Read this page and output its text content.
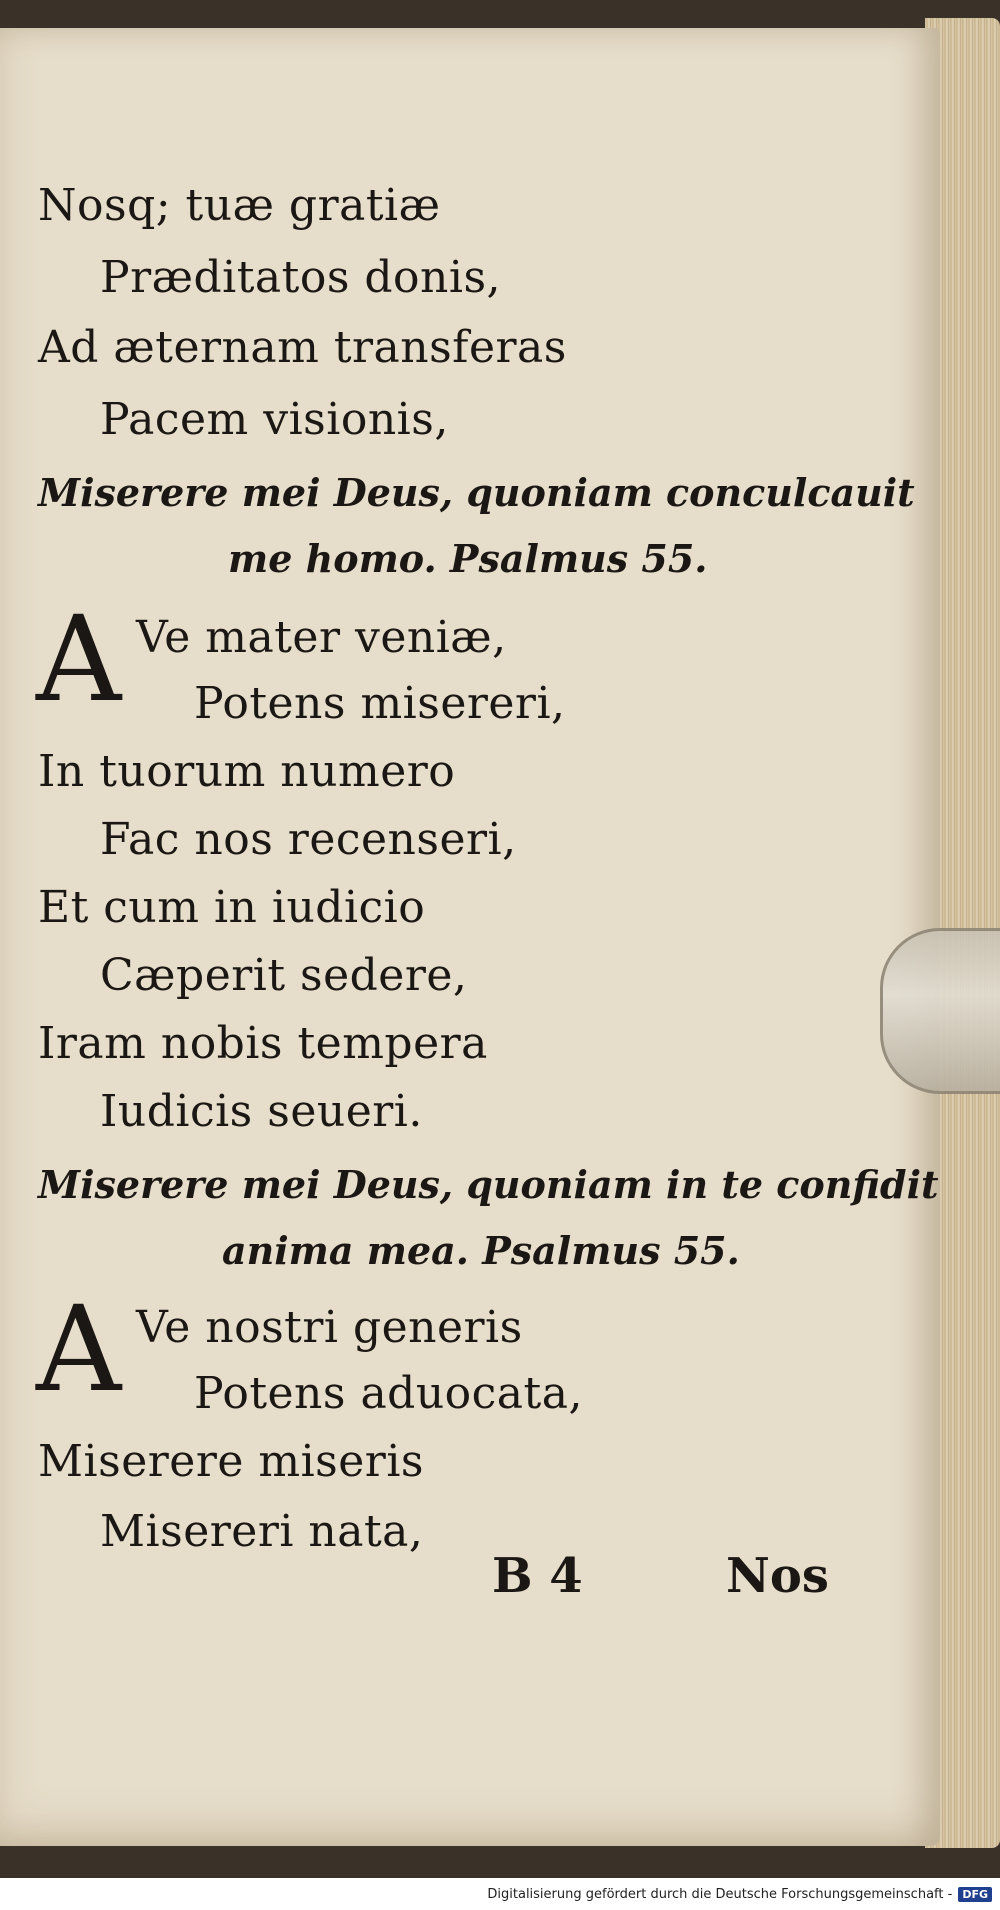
Nosq; tuæ gratiæ
Præditatos donis,
Ad æternam transferas
Pacem visionis,
Miserere mei Deus, quoniam conculcauit
me homo. Psalmus 55.
A Ve mater veniæ,
Potens misereri,
In tuorum numero
Fac nos recenseri,
Et cum in iudicio
Cæperit sedere,
Iram nobis tempera
Iudicis seueri.
Miserere mei Deus, quoniam in te confidit
anima mea. Psalmus 55.
A Ve nostri generis
Potens aduocata,
Miserere miseris
Misereri nata,
B 4	Nos
Digitalisierung gefördert durch die Deutsche Forschungsgemeinschaft - DFG
